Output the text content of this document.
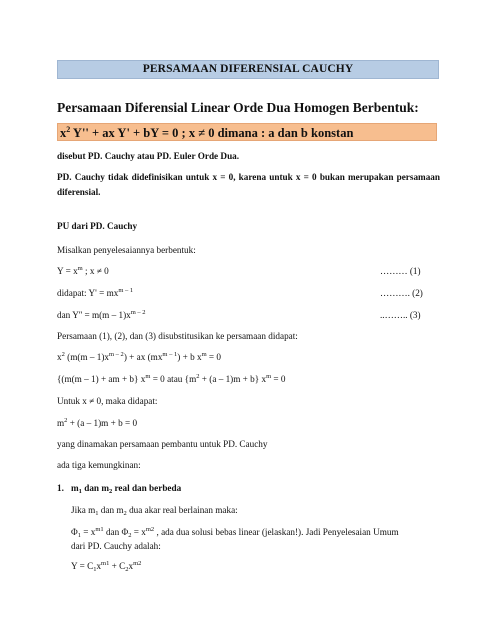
PERSAMAAN DIFERENSIAL CAUCHY
Persamaan Diferensial Linear Orde Dua Homogen Berbentuk:
$x^2$ Y'' + ax Y' + bY = 0 ; x ≠ 0 dimana : a dan b konstan
disebut PD. Cauchy atau PD. Euler Orde Dua.
PD. Cauchy tidak didefinisikan untuk x = 0, karena untuk x = 0 bukan merupakan persamaan diferensial.
PU dari PD. Cauchy
Misalkan penyelesaiannya berbentuk:
$Y = x^m$ ; x ≠ 0	……… (1)
didapat: $Y' = mx^{m - 1}$	………. (2)
dan $Y'' = m(m - 1)x^{m - 2}$	..…….. (3)
Persamaan (1), (2), dan (3) disubstitusikan ke persamaan didapat:
$x^2$ $(m(m - 1)x^{m - 2})$ + ax $(mx^{m - 1}) + b$ $x^m = 0$
{(m(m – 1) + am + b} $x^m = 0$ atau $\{m^2 + (a - 1)m + b\} x^m = 0$
Untuk x ≠ 0, maka didapat:
$m^2 + (a - 1)m + b = 0$
yang dinamakan persamaan pembantu untuk PD. Cauchy
ada tiga kemungkinan:
1. $m_1$ dan $m_2$ real dan berbeda
Jika $m_1$ dan $m_2$ dua akar real berlainan maka:
$\Phi_1 = x^{m1}$ dan $\Phi_2 = x^{m2}$ , ada dua solusi bebas linear (jelaskan!). Jadi Penyelesaian Umum
dari PD. Cauchy adalah:
$Y = C_1x^{m1} + C_2x^{m2}$
